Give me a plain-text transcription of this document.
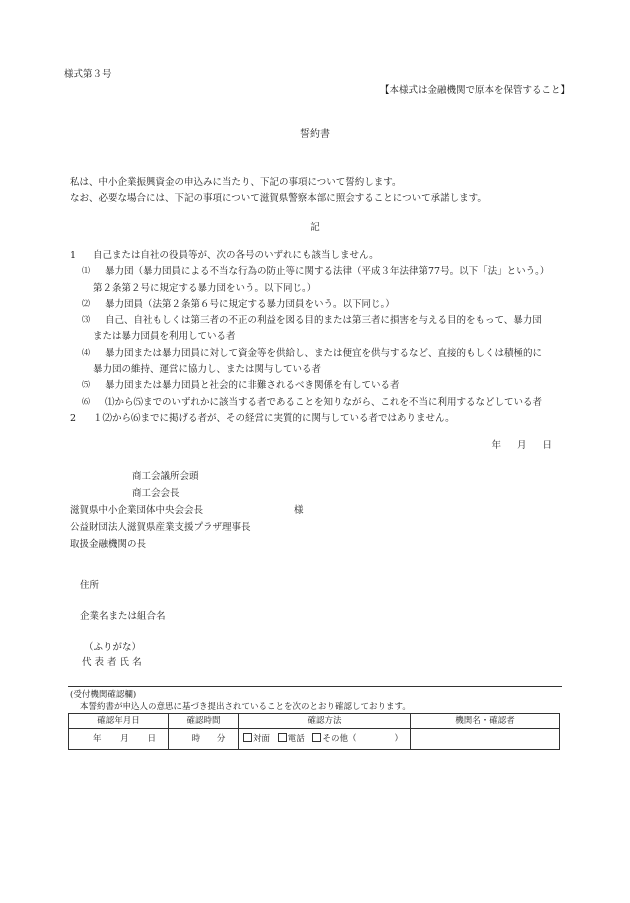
様式第３号
【本様式は金融機関で原本を保管すること】
誓約書
私は、中小企業振興資金の申込みに当たり、下記の事項について誓約します。
なお、必要な場合には、下記の事項について滋賀県警察本部に照会することについて承諾します。
記
1 自己または自社の役員等が、次の各号のいずれにも該当しません。
⑴ 暴力団（暴力団員による不当な行為の防止等に関する法律（平成３年法律第77号。以下「法」という。）
第２条第２号に規定する暴力団をいう。以下同じ。）
⑵ 暴力団員（法第２条第６号に規定する暴力団員をいう。以下同じ。）
⑶ 自己、自社もしくは第三者の不正の利益を図る目的または第三者に損害を与える目的をもって、暴力団
または暴力団員を利用している者
⑷ 暴力団または暴力団員に対して資金等を供給し、または便宜を供与するなど、直接的もしくは積極的に
暴力団の維持、運営に協力し、または関与している者
⑸ 暴力団または暴力団員と社会的に非難されるべき関係を有している者
⑹ ⑴から⑸までのいずれかに該当する者であることを知りながら、これを不当に利用するなどしている者
2 １⑵から⑹までに掲げる者が、その経営に実質的に関与している者ではありません。
年 月 日
商工会議所会頭
商工会会長
滋賀県中小企業団体中央会会長
公益財団法人滋賀県産業支援プラザ理事長
取扱金融機関の長
様
住所
企業名または組合名
（ふりがな）
代 表 者 氏 名
(受付機関確認欄)
本誓約書が申込人の意思に基づき提出されていることを次のとおり確認しております。
確認年月日	確認時間	確認方法	機関名・確認者
年 月 日	時 分	対面 電話 その他（ ）	
